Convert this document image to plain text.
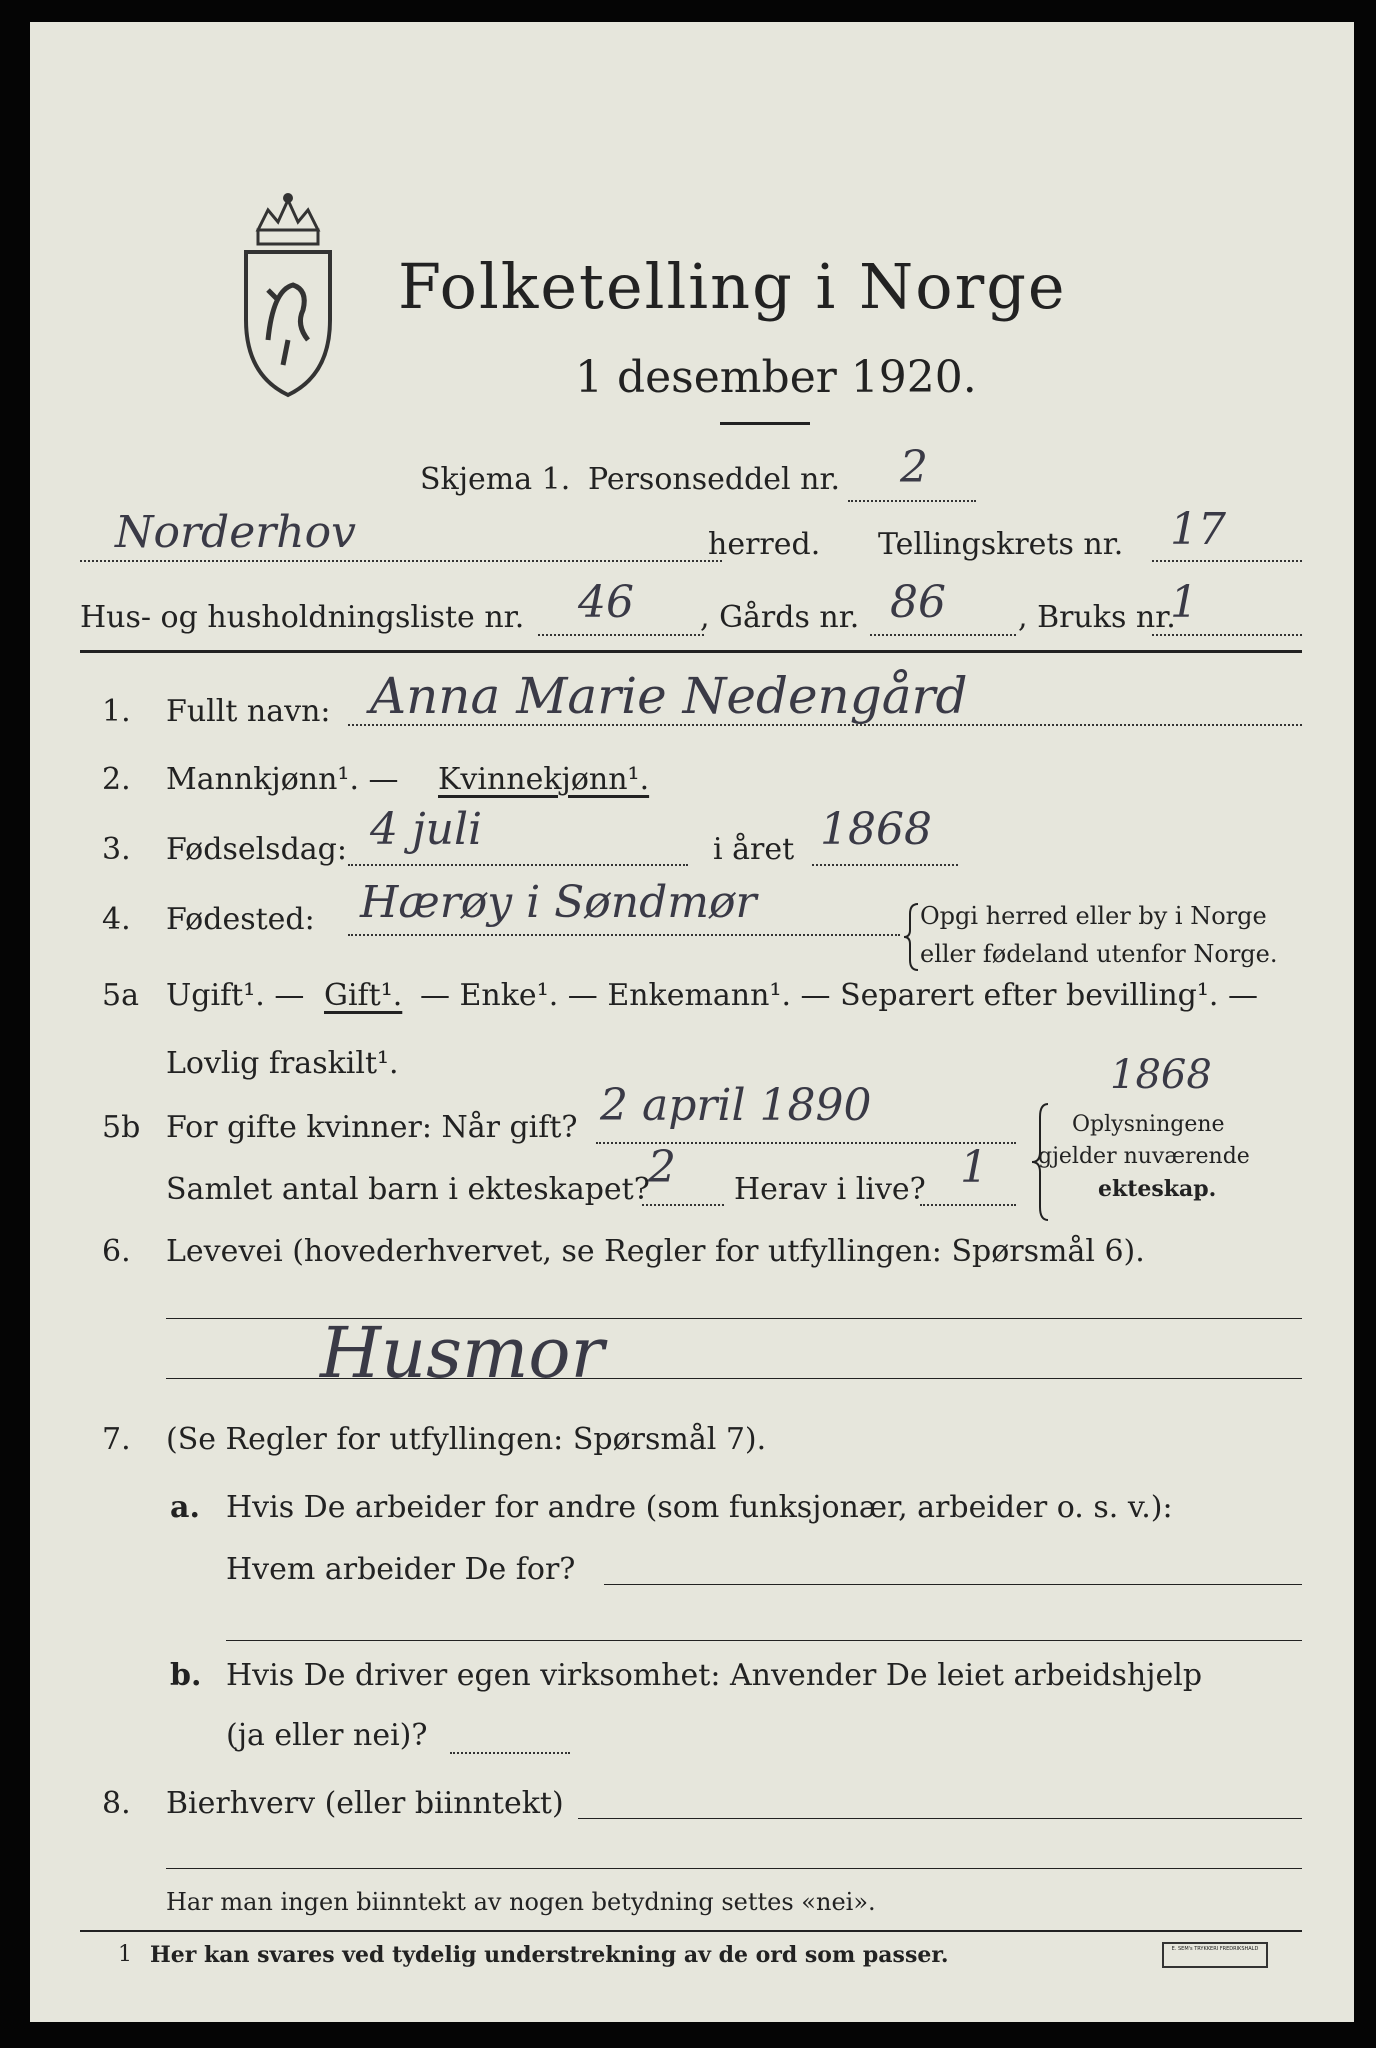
Folketelling i Norge
1 desember 1920.
Skjema 1. Personseddel nr. 2
Norderhov	herred. Tellingskrets nr. 17
Hus- og husholdningsliste nr. 46 , Gårds nr. 86 , Bruks nr.
1
1. Fullt navn: Anna Marie Nedengård
2. Mannkjønn¹. — Kvinnekjønn¹.
3. Fødselsdag: 4 juli	i året 1868
4. Fødested: Hærøy i Søndmør	Opgi herred eller by i Norge
eller fødeland utenfor Norge.
5a Ugift¹. — Gift¹. — Enke¹. — Enkemann¹. — Separert efter bevilling¹. —
Lovlig fraskilt¹.
5b For gifte kvinner: Når gift? 2 april 1890
1868
Samlet antal barn i ekteskapet?
2 Herav i live? 1
Oplysningene
gjelder nuværende
ekteskap.
6. Levevei (hovederhvervet, se Regler for utfyllingen: Spørsmål 6).
Husmor
7. (Se Regler for utfyllingen: Spørsmål 7).
a. Hvis De arbeider for andre (som funksjonær, arbeider o. s. v.):
Hvem arbeider De for?
b. Hvis De driver egen virksomhet: Anvender De leiet arbeidshjelp
(ja eller nei)?
8. Bierhverv (eller biinntekt)
Har man ingen biinntekt av nogen betydning settes «nei».
1 Her kan svares ved tydelig understrekning av de ord som passer.	E. SEM's TRYKKERI FREDRIKSHALD
